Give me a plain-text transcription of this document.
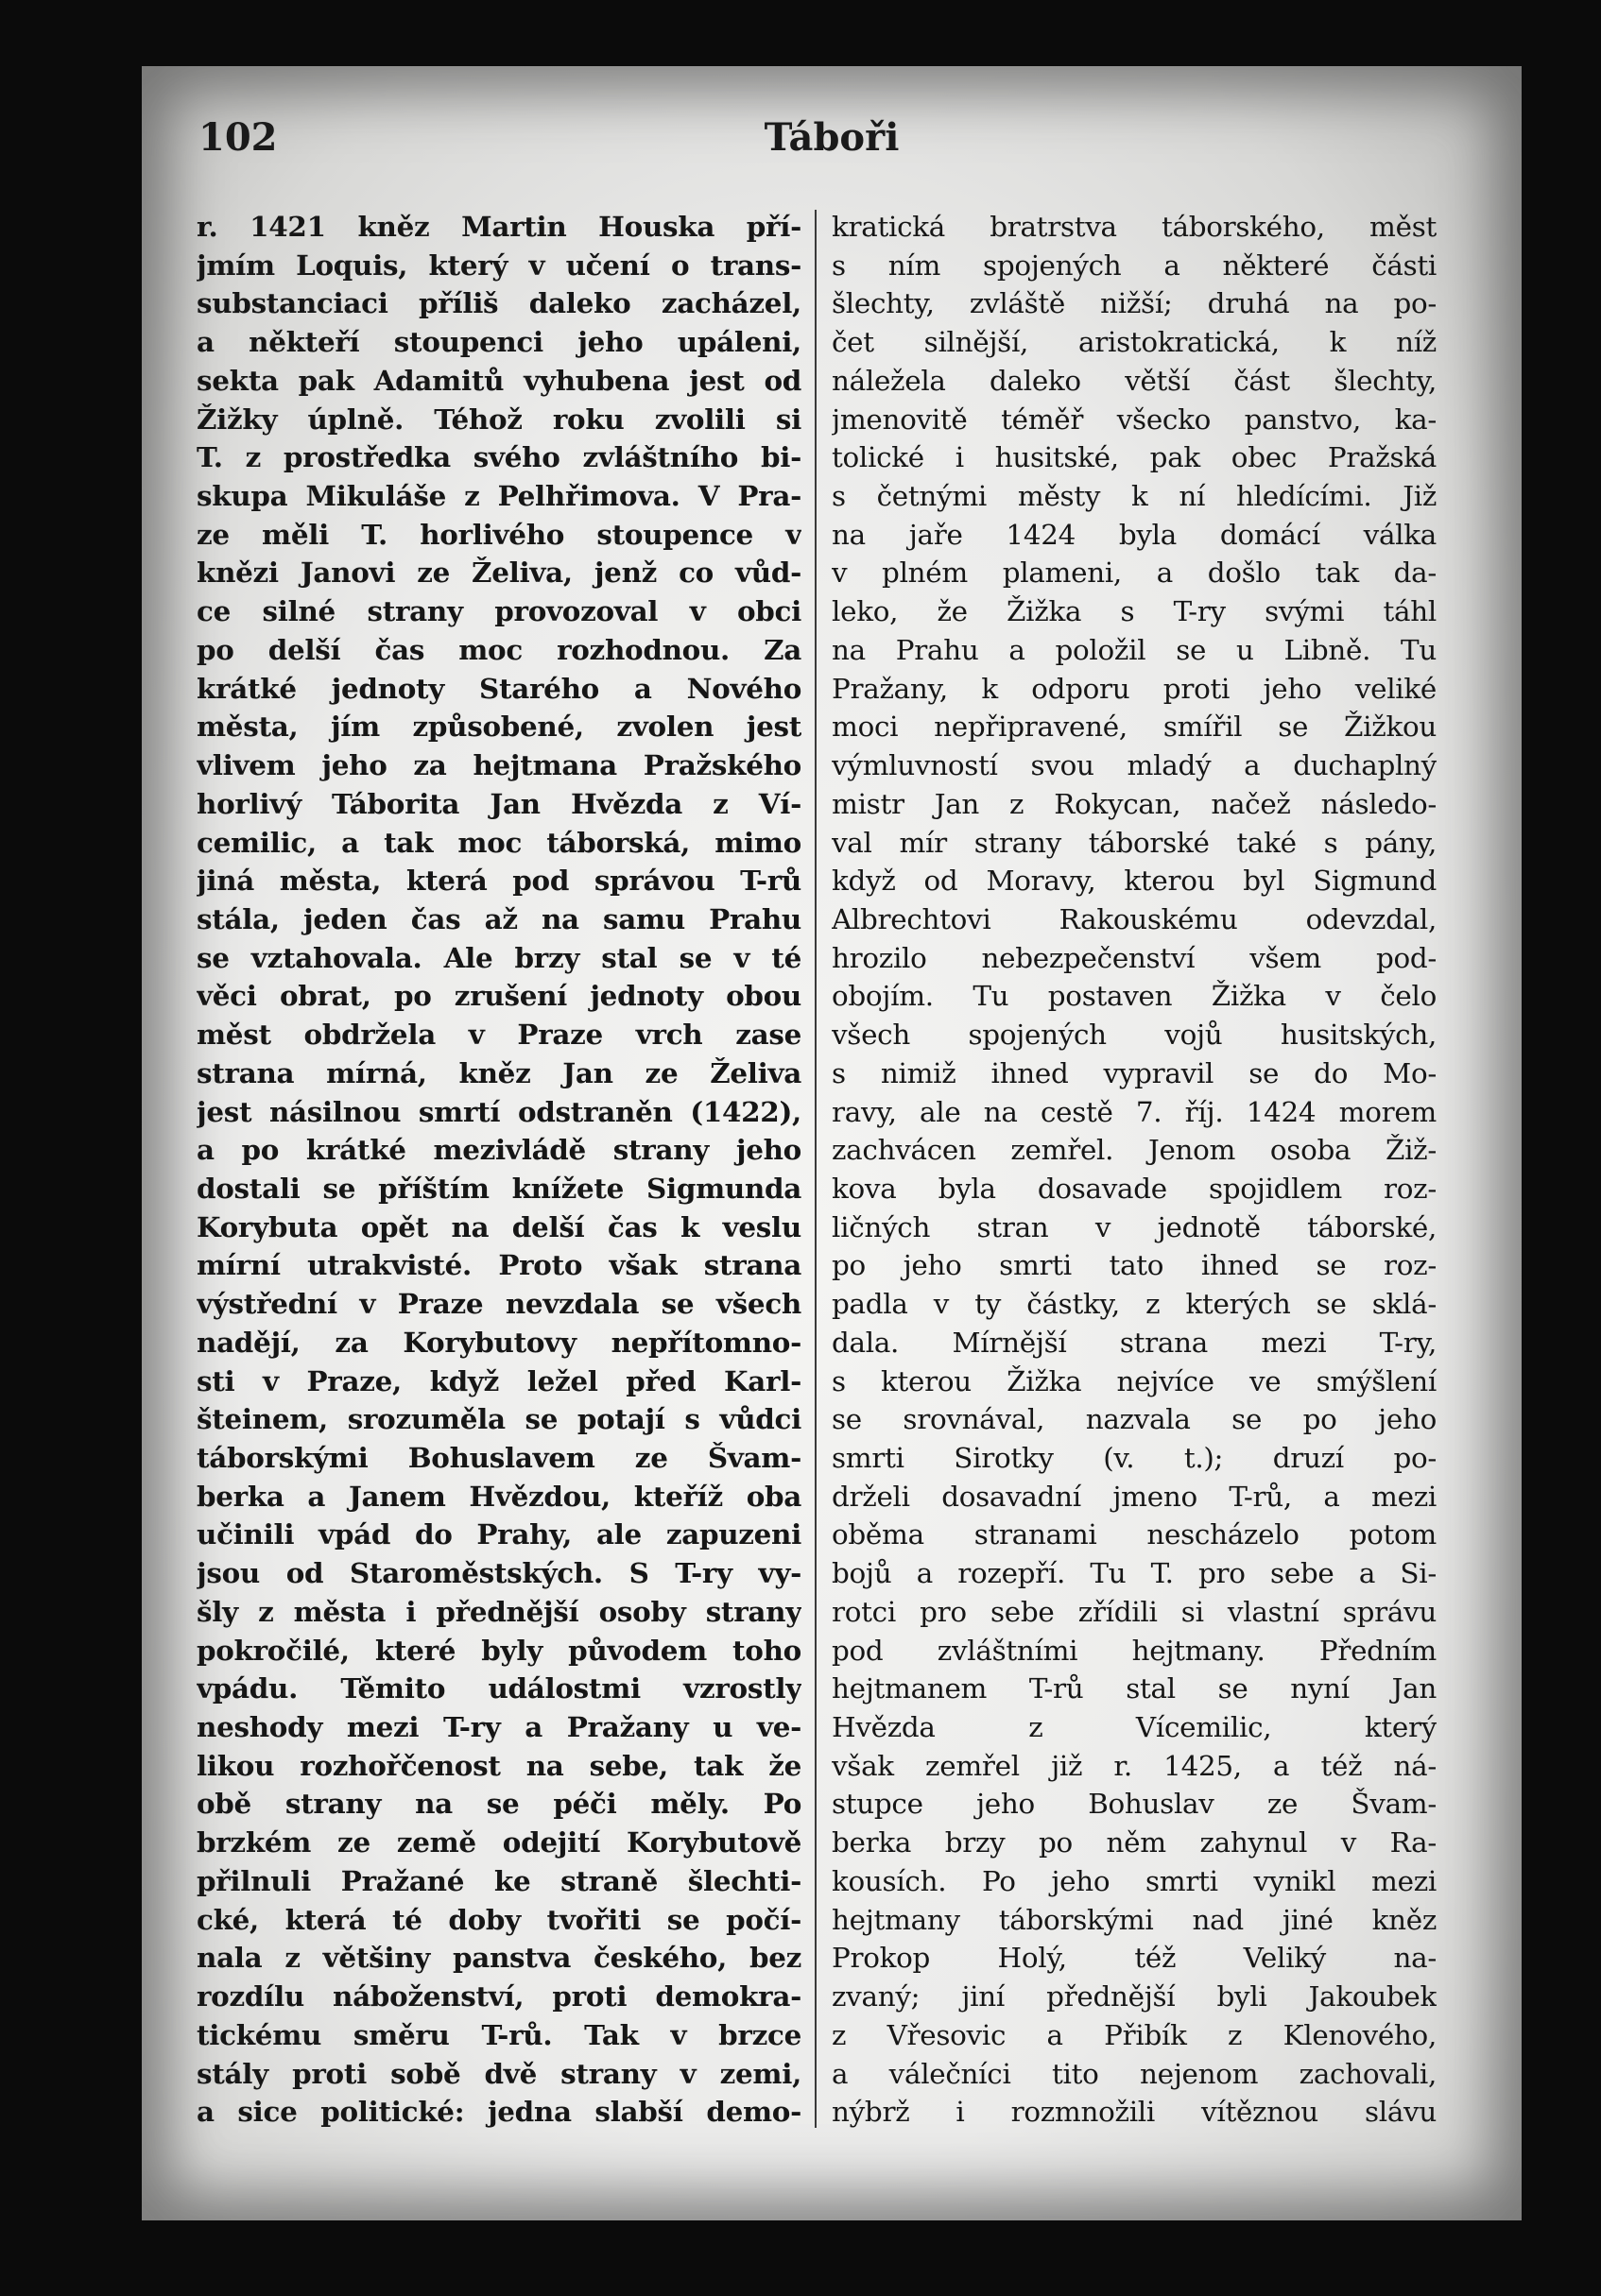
102	Táboři
r. 1421 kněz Martin Houska pří-
jmím Loquis, který v učení o trans-
substanciaci příliš daleko zacházel,
a někteří stoupenci jeho upáleni,
sekta pak Adamitů vyhubena jest od
Žižky úplně. Téhož roku zvolili si
T. z prostředka svého zvláštního bi-
skupa Mikuláše z Pelhřimova. V Pra-
ze měli T. horlivého stoupence v
knězi Janovi ze Želiva, jenž co vůd-
ce silné strany provozoval v obci
po delší čas moc rozhodnou. Za
krátké jednoty Starého a Nového
města, jím způsobené, zvolen jest
vlivem jeho za hejtmana Pražského
horlivý Táborita Jan Hvězda z Ví-
cemilic, a tak moc táborská, mimo
jiná města, která pod správou T-rů
stála, jeden čas až na samu Prahu
se vztahovala. Ale brzy stal se v té
věci obrat, po zrušení jednoty obou
měst obdržela v Praze vrch zase
strana mírná, kněz Jan ze Želiva
jest násilnou smrtí odstraněn (1422),
a po krátké mezivládě strany jeho
dostali se příštím knížete Sigmunda
Korybuta opět na delší čas k veslu
mírní utrakvisté. Proto však strana
výstřední v Praze nevzdala se všech
nadějí, za Korybutovy nepřítomno-
sti v Praze, když ležel před Karl-
šteinem, srozuměla se potají s vůdci
táborskými Bohuslavem ze Švam-
berka a Janem Hvězdou, kteříž oba
učinili vpád do Prahy, ale zapuzeni
jsou od Staroměstských. S T-ry vy-
šly z města i přednější osoby strany
pokročilé, které byly původem toho
vpádu. Těmito událostmi vzrostly
neshody mezi T-ry a Pražany u ve-
likou rozhořčenost na sebe, tak že
obě strany na se péči měly. Po
brzkém ze země odejití Korybutově
přilnuli Pražané ke straně šlechti-
cké, která té doby tvořiti se počí-
nala z většiny panstva českého, bez
rozdílu náboženství, proti demokra-
tickému směru T-rů. Tak v brzce
stály proti sobě dvě strany v zemi,
a sice politické: jedna slabší demo-
kratická bratrstva táborského, měst
s ním spojených a některé části
šlechty, zvláště nižší; druhá na po-
čet silnější, aristokratická, k níž
náležela daleko větší část šlechty,
jmenovitě téměř všecko panstvo, ka-
tolické i husitské, pak obec Pražská
s četnými městy k ní hledícími. Již
na jaře 1424 byla domácí válka
v plném plameni, a došlo tak da-
leko, že Žižka s T-ry svými táhl
na Prahu a položil se u Libně. Tu
Pražany, k odporu proti jeho veliké
moci nepřipravené, smířil se Žižkou
výmluvností svou mladý a duchaplný
mistr Jan z Rokycan, načež následo-
val mír strany táborské také s pány,
když od Moravy, kterou byl Sigmund
Albrechtovi Rakouskému odevzdal,
hrozilo nebezpečenství všem pod-
obojím. Tu postaven Žižka v čelo
všech spojených vojů husitských,
s nimiž ihned vypravil se do Mo-
ravy, ale na cestě 7. říj. 1424 morem
zachvácen zemřel. Jenom osoba Žiž-
kova byla dosavade spojidlem roz-
ličných stran v jednotě táborské,
po jeho smrti tato ihned se roz-
padla v ty částky, z kterých se sklá-
dala. Mírnější strana mezi T-ry,
s kterou Žižka nejvíce ve smýšlení
se srovnával, nazvala se po jeho
smrti Sirotky (v. t.); druzí po-
drželi dosavadní jmeno T-rů, a mezi
oběma stranami nescházelo potom
bojů a rozepří. Tu T. pro sebe a Si-
rotci pro sebe zřídili si vlastní správu
pod zvláštními hejtmany. Předním
hejtmanem T-rů stal se nyní Jan
Hvězda z Vícemilic, který
však zemřel již r. 1425, a též ná-
stupce jeho Bohuslav ze Švam-
berka brzy po něm zahynul v Ra-
kousích. Po jeho smrti vynikl mezi
hejtmany táborskými nad jiné kněz
Prokop Holý, též Veliký na-
zvaný; jiní přednější byli Jakoubek
z Vřesovic a Přibík z Klenového,
a válečníci tito nejenom zachovali,
nýbrž i rozmnožili vítěznou slávu
